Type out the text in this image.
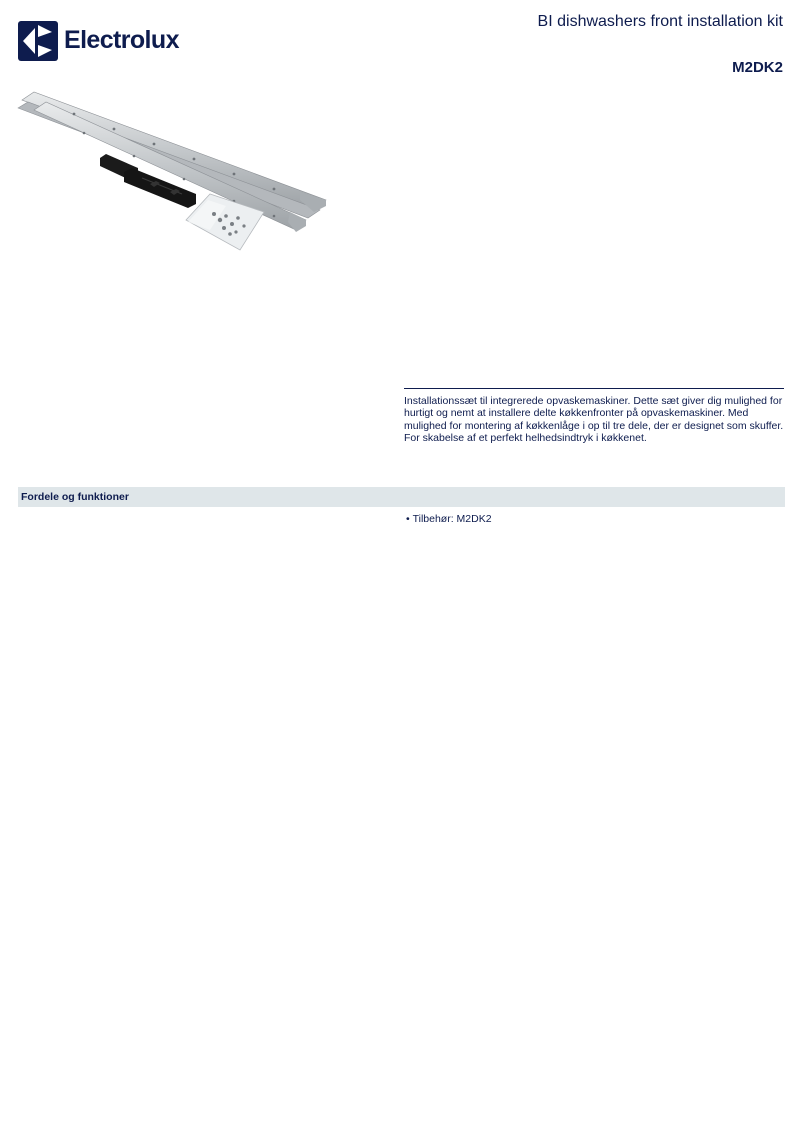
Electrolux
BI dishwashers front installation kit
M2DK2

Installationssæt til integrerede opvaskemaskiner. Dette sæt giver dig mulighed for hurtigt og nemt at installere delte køkkenfronter på opvaskemaskiner. Med mulighed for montering af køkkenlåge i op til tre dele, der er designet som skuffer. For skabelse af et perfekt helhedsindtryk i køkkenet.

Fordele og funktioner
• Tilbehør: M2DK2
